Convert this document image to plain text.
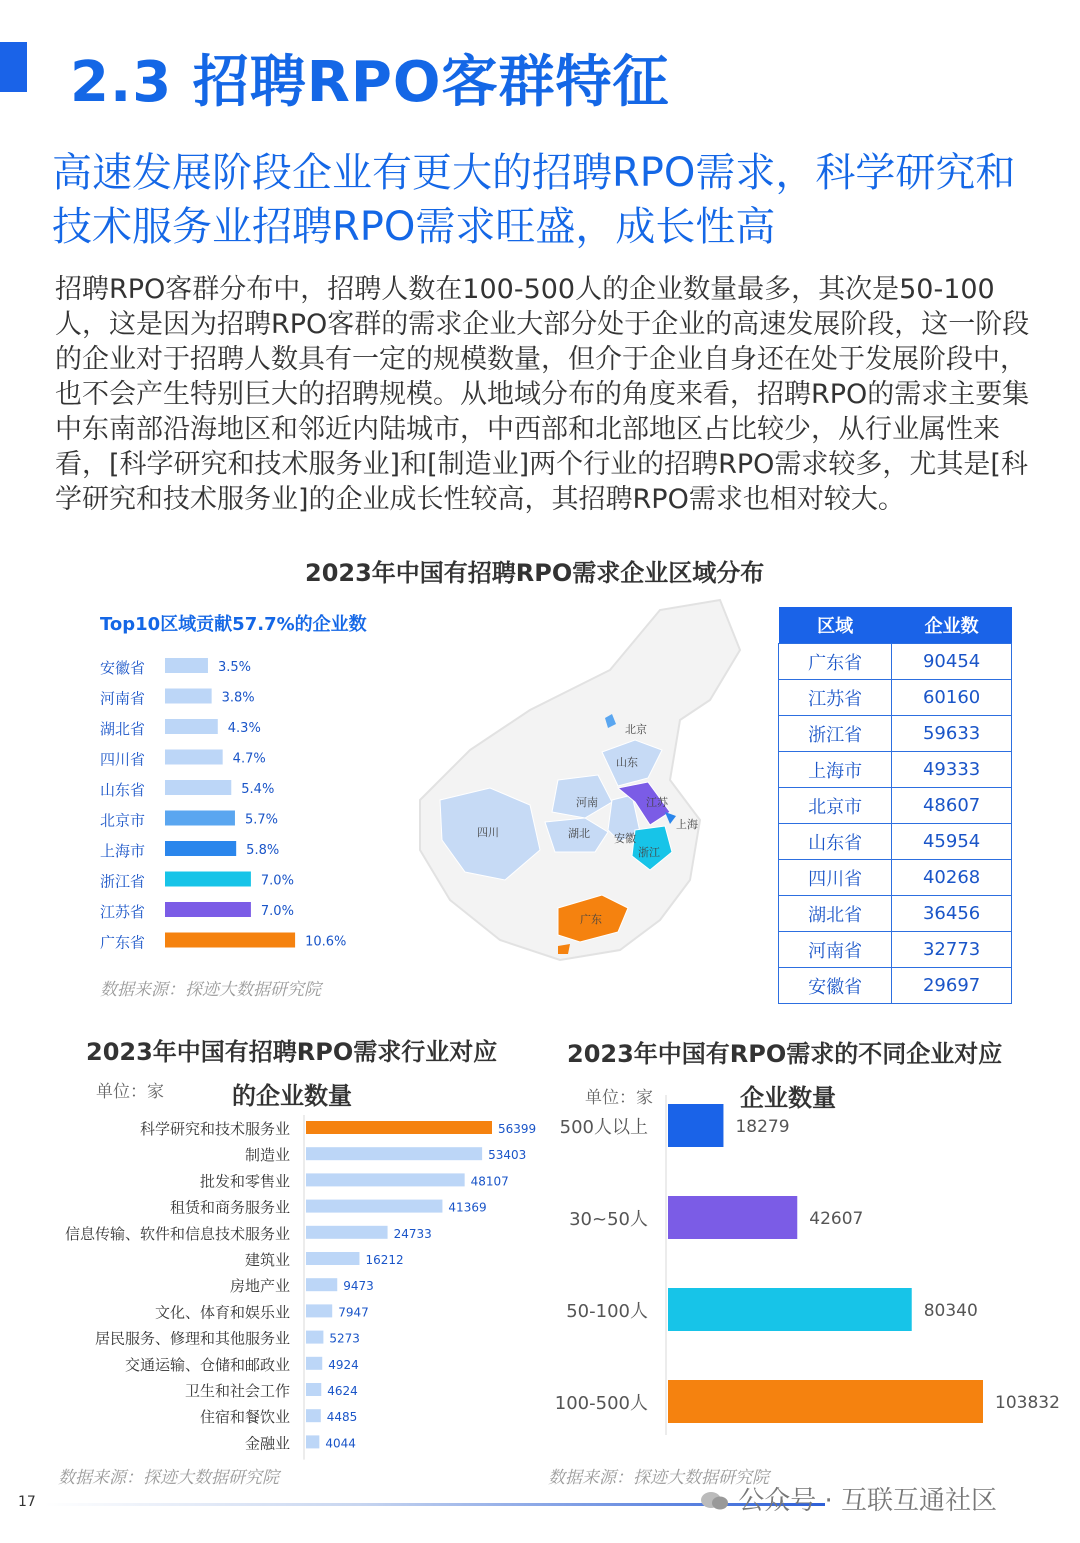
2.3 招聘RPO客群特征
高速发展阶段企业有更大的招聘RPO需求，科学研究和技术服务业招聘RPO需求旺盛，成长性高
招聘RPO客群分布中，招聘人数在100-500人的企业数量最多，其次是50-100人，这是因为招聘RPO客群的需求企业大部分处于企业的高速发展阶段，这一阶段的企业对于招聘人数具有一定的规模数量，但介于企业自身还在处于发展阶段中，也不会产生特别巨大的招聘规模。从地域分布的角度来看，招聘RPO的需求主要集中东南部沿海地区和邻近内陆城市，中西部和北部地区占比较少，从行业属性来看，[科学研究和技术服务业]和[制造业]两个行业的招聘RPO需求较多，尤其是[科学研究和技术服务业]的企业成长性较高，其招聘RPO需求也相对较大。
2023年中国有招聘RPO需求企业区域分布
北京
山东
河南
四川	湖北 安徽
江苏
上海
浙江
广东
Top10区域贡献57.7%的企业数
安徽省	3.5%
河南省	3.8%
湖北省	4.3%
四川省	4.7%
山东省	5.4%
北京市	5.7%
上海市	5.8%
浙江省	7.0%
江苏省	7.0%
广东省	10.6%
数据来源：探迹大数据研究院
区域	企业数
广东省	90454
江苏省	60160
浙江省	59633
上海市	49333
北京市	48607
山东省	45954
四川省	40268
湖北省	36456
河南省	32773
安徽省	29697
2023年中国有招聘RPO需求行业对应
的企业数量
单位：家
科学研究和技术服务业	56399
制造业	53403
批发和零售业	48107
租赁和商务服务业	41369
信息传输、软件和信息技术服务业	24733
建筑业	16212
房地产业	9473
文化、体育和娱乐业	7947
居民服务、修理和其他服务业	5273
交通运输、仓储和邮政业	4924
卫生和社会工作	4624
住宿和餐饮业	4485
金融业	4044
数据来源：探迹大数据研究院
2023年中国有RPO需求的不同企业对应
企业数量
单位：家
500人以上	18279
30~50人	42607
50-100人	80340
100-500人	103832
数据来源：探迹大数据研究院
17	公众号 · 互联互通社区
